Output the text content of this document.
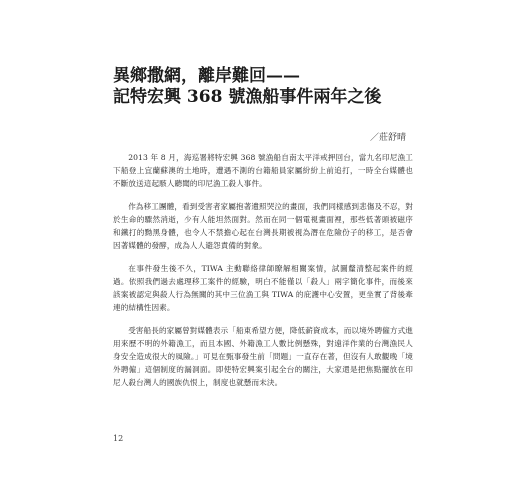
異鄉撒網，離岸難回——
記特宏興 368 號漁船事件兩年之後
／莊舒晴

2013 年 8 月，海巡署將特宏興 368 號漁船自南太平洋戒押回台，當九名印尼漁工下船登上宜蘭蘇澳的土地時，遭遇不測的台籍船員家屬紛紛上前追打，一時全台媒體也不斷放送這起駭人聽聞的印尼漁工殺人事件。

作為移工團體，看到受害者家屬抱著遺照哭泣的畫面，我們同樣感到悲傷及不忍，對於生命的驟然消逝，少有人能坦然面對。然而在同一個電視畫面裡，那些低著頭被磁序和鐵打的黝黑身體，也令人不禁擔心起在台灣長期被視為潛在危險份子的移工，是否會因著媒體的發酵，成為人人避怨責備的對象。

在事件發生後不久，TIWA 主動聯絡律師瞭解相關案情，試圖釐清整起案件的經過。依照我們過去處理移工案件的經驗，明白不能僅以「殺人」兩字簡化事件，而後來該案被認定與殺人行為無關的其中三位漁工與 TIWA 的庇護中心安置，更坐實了背後牽連的結構性因素。

受害船長的家屬曾對媒體表示「船東希望方便，降低薪資成本，而以境外聘僱方式進用來歷不明的外籍漁工，而且本國、外籍漁工人數比例懸殊，對遠洋作業的台灣漁民人身安全造成很大的風險。」可見在甄事發生前「問題」一直存在著，但沒有人敢觀晚「境外聘僱」這個制度的漏洞面。即使特宏興案引起全台的關注，大家還是把焦點擺放在印尼人殺台灣人的國族仇恨上，制度也就懸而未決。

12
